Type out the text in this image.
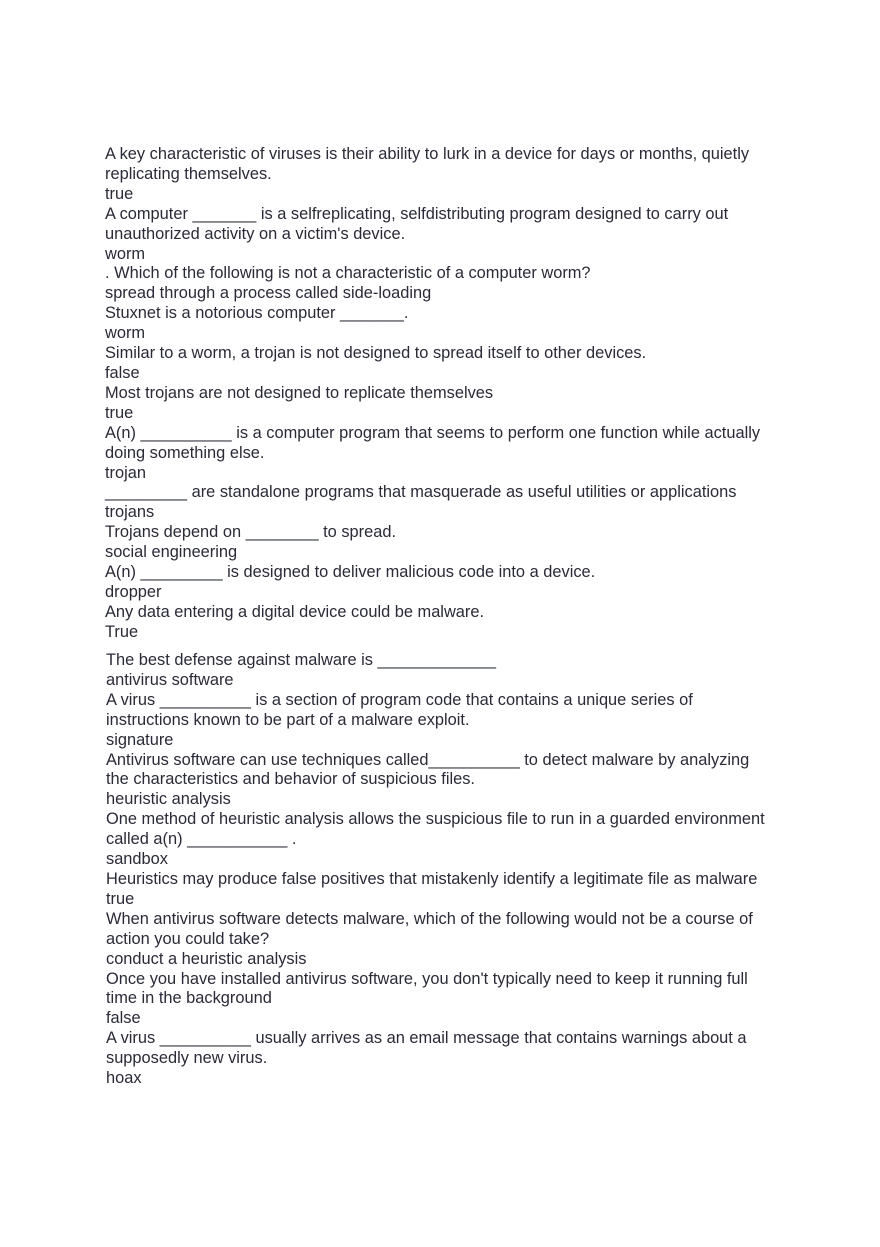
A key characteristic of viruses is their ability to lurk in a device for days or months, quietly replicating themselves.

true

A computer _______ is a selfreplicating, selfdistributing program designed to carry out unauthorized activity on a victim's device.

worm

. Which of the following is not a characteristic of a computer worm?

spread through a process called side-loading

Stuxnet is a notorious computer _______.

worm

Similar to a worm, a trojan is not designed to spread itself to other devices.

false

Most trojans are not designed to replicate themselves

true

A(n) __________ is a computer program that seems to perform one function while actually doing something else.

trojan

_________ are standalone programs that masquerade as useful utilities or applications

trojans

Trojans depend on ________ to spread.

social engineering

A(n) _________ is designed to deliver malicious code into a device.

dropper

Any data entering a digital device could be malware.

True

The best defense against malware is _____________

antivirus software

A virus __________ is a section of program code that contains a unique series of instructions known to be part of a malware exploit.

signature

Antivirus software can use techniques called__________ to detect malware by analyzing the characteristics and behavior of suspicious files.

heuristic analysis

One method of heuristic analysis allows the suspicious file to run in a guarded environment called a(n) ___________ .

sandbox

Heuristics may produce false positives that mistakenly identify a legitimate file as malware

true

When antivirus software detects malware, which of the following would not be a course of action you could take?

conduct a heuristic analysis

Once you have installed antivirus software, you don't typically need to keep it running full time in the background

false

A virus __________ usually arrives as an email message that contains warnings about a supposedly new virus.

hoax
